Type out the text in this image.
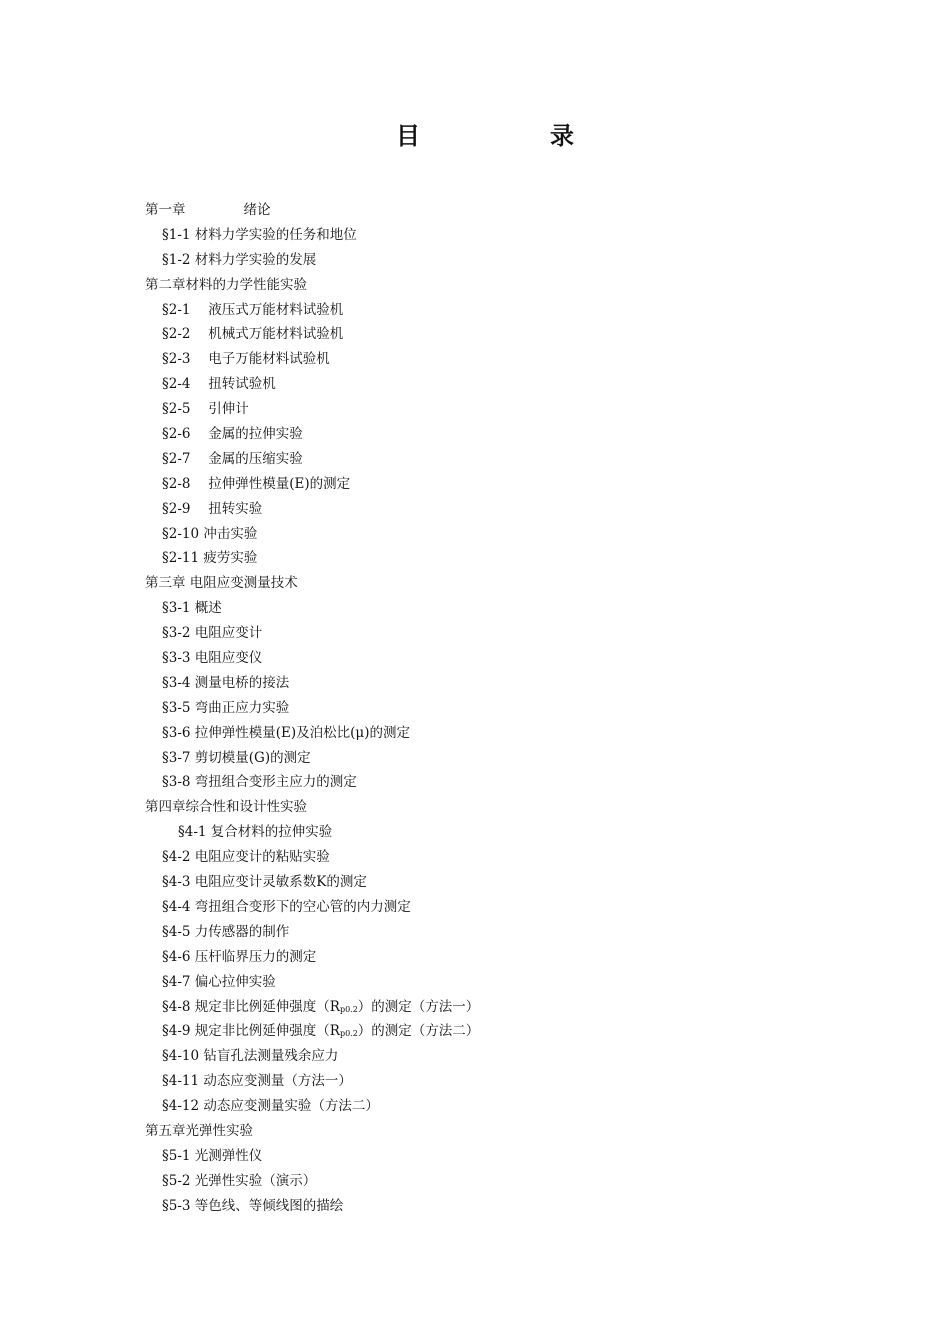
目	录
第一章	绪论
§1-1 材料力学实验的任务和地位
§1-2 材料力学实验的发展
第二章材料的力学性能实验
§2-1　 液压式万能材料试验机
§2-2　 机械式万能材料试验机
§2-3　 电子万能材料试验机
§2-4　 扭转试验机
§2-5　 引伸计
§2-6　 金属的拉伸实验
§2-7　 金属的压缩实验
§2-8　 拉伸弹性模量(E)的测定
§2-9　 扭转实验
§2-10 冲击实验
§2-11 疲劳实验
第三章 电阻应变测量技术
§3-1 概述
§3-2 电阻应变计
§3-3 电阻应变仪
§3-4 测量电桥的接法
§3-5 弯曲正应力实验
§3-6 拉伸弹性模量(E)及泊松比(μ)的测定
§3-7 剪切模量(G)的测定
§3-8 弯扭组合变形主应力的测定
第四章综合性和设计性实验
§4-1 复合材料的拉伸实验
§4-2 电阻应变计的粘贴实验
§4-3 电阻应变计灵敏系数K的测定
§4-4 弯扭组合变形下的空心管的内力测定
§4-5 力传感器的制作
§4-6 压杆临界压力的测定
§4-7 偏心拉伸实验
§4-8 规定非比例延伸强度$(R_{p0.2})$的测定（方法一）
§4-9 规定非比例延伸强度$(R_{p0.2})$的测定（方法二）
§4-10 钻盲孔法测量残余应力
§4-11 动态应变测量（方法一）
§4-12 动态应变测量实验（方法二）
第五章光弹性实验
§5-1 光测弹性仪
§5-2 光弹性实验（演示）
§5-3 等色线、等倾线图的描绘
